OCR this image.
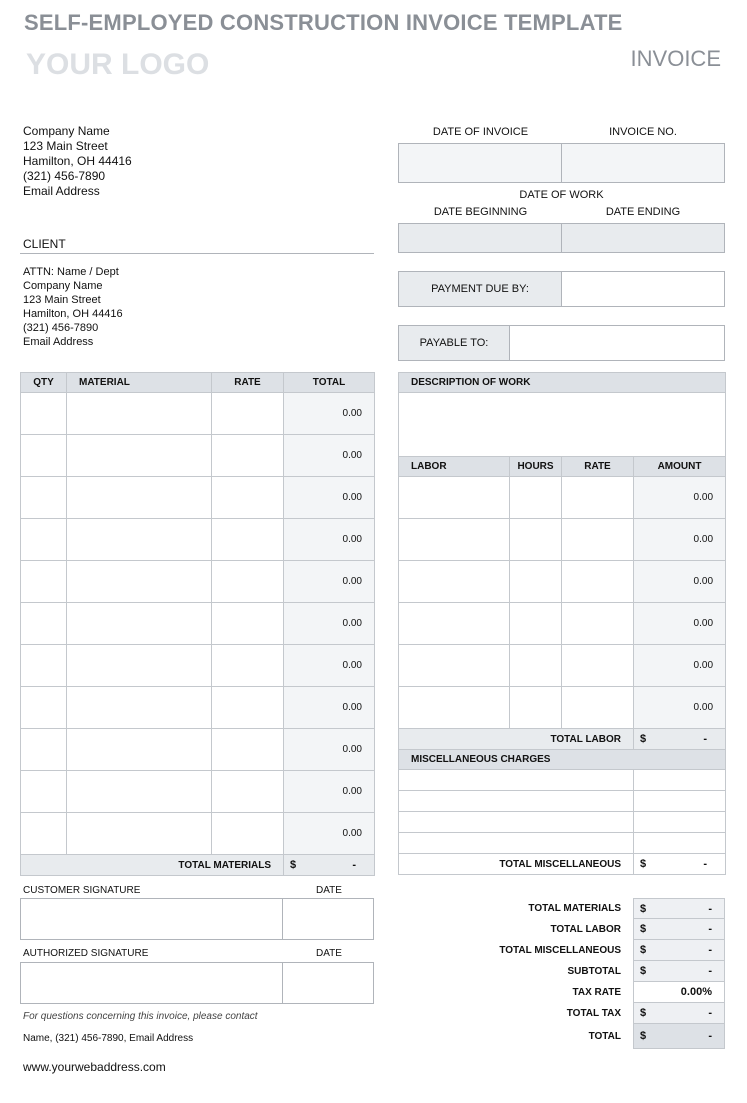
SELF-EMPLOYED CONSTRUCTION INVOICE TEMPLATE
YOUR LOGO	INVOICE
Company Name
123 Main Street
Hamilton, OH 44416
(321) 456-7890
Email Address
CLIENT
ATTN: Name / Dept
Company Name
123 Main Street
Hamilton, OH 44416
(321) 456-7890
Email Address
DATE OF INVOICE	INVOICE NO.
DATE OF WORK
DATE BEGINNING	DATE ENDING
PAYMENT DUE BY:
PAYABLE TO:
QTY	MATERIAL	RATE	TOTAL
			0.00
			0.00
			0.00
			0.00
			0.00
			0.00
			0.00
			0.00
			0.00
			0.00
			0.00
TOTAL MATERIALS			$ -
DESCRIPTION OF WORK			

LABOR	HOURS	RATE	AMOUNT
			0.00
			0.00
			0.00
			0.00
			0.00
			0.00
TOTAL LABOR			$ -

MISCELLANEOUS CHARGES			

TOTAL MISCELLANEOUS			$ -
CUSTOMER SIGNATURE	DATE
AUTHORIZED SIGNATURE	DATE
TOTAL MATERIALS	$	-
TOTAL LABOR	$	-
TOTAL MISCELLANEOUS	$	-
SUBTOTAL	$	-
TAX RATE	0.00%
TOTAL TAX	$	-
TOTAL	$	-
For questions concerning this invoice, please contact
Name, (321) 456-7890, Email Address
www.yourwebaddress.com
